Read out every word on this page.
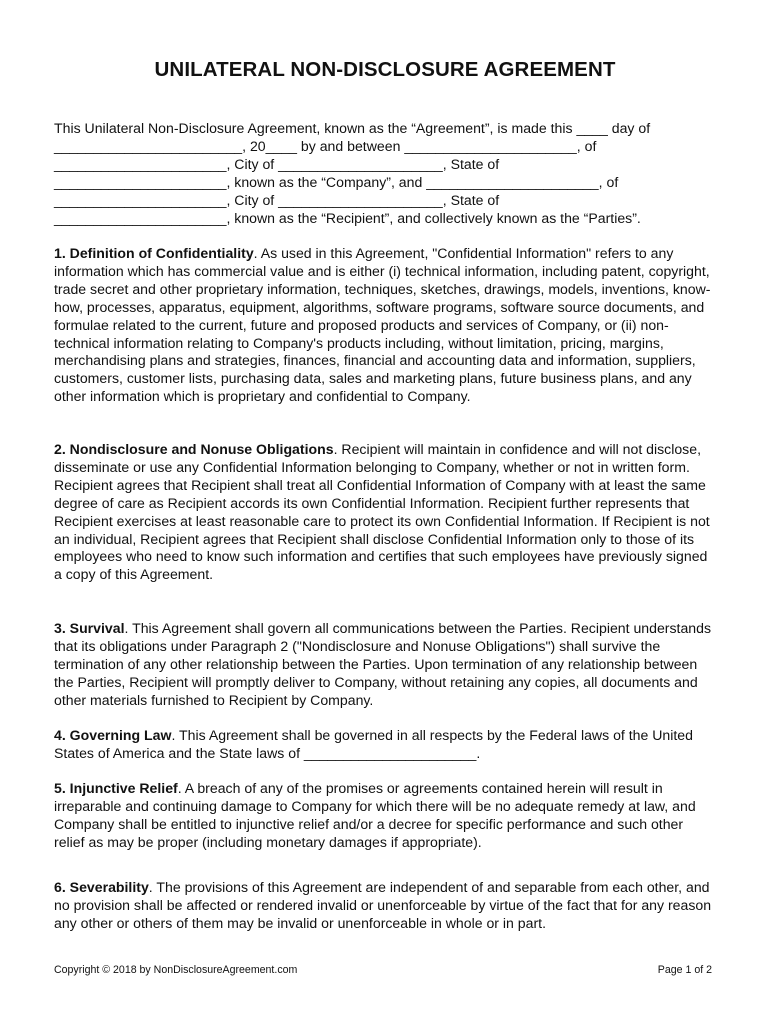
UNILATERAL NON-DISCLOSURE AGREEMENT
This Unilateral Non-Disclosure Agreement, known as the “Agreement”, is made this ____ day of
________________________, 20____ by and between ______________________, of
______________________, City of _____________________, State of
______________________, known as the “Company”, and ______________________, of
______________________, City of _____________________, State of
______________________, known as the “Recipient”, and collectively known as the “Parties”.
1. Definition of Confidentiality. As used in this Agreement, "Confidential Information" refers to any information which has commercial value and is either (i) technical information, including patent, copyright, trade secret and other proprietary information, techniques, sketches, drawings, models, inventions, know-how, processes, apparatus, equipment, algorithms, software programs, software source documents, and formulae related to the current, future and proposed products and services of Company, or (ii) non-technical information relating to Company's products including, without limitation, pricing, margins, merchandising plans and strategies, finances, financial and accounting data and information, suppliers, customers, customer lists, purchasing data, sales and marketing plans, future business plans, and any other information which is proprietary and confidential to Company.
2. Nondisclosure and Nonuse Obligations. Recipient will maintain in confidence and will not disclose, disseminate or use any Confidential Information belonging to Company, whether or not in written form. Recipient agrees that Recipient shall treat all Confidential Information of Company with at least the same degree of care as Recipient accords its own Confidential Information. Recipient further represents that Recipient exercises at least reasonable care to protect its own Confidential Information. If Recipient is not an individual, Recipient agrees that Recipient shall disclose Confidential Information only to those of its employees who need to know such information and certifies that such employees have previously signed a copy of this Agreement.
3. Survival. This Agreement shall govern all communications between the Parties. Recipient understands that its obligations under Paragraph 2 ("Nondisclosure and Nonuse Obligations") shall survive the termination of any other relationship between the Parties. Upon termination of any relationship between the Parties, Recipient will promptly deliver to Company, without retaining any copies, all documents and other materials furnished to Recipient by Company.
4. Governing Law. This Agreement shall be governed in all respects by the Federal laws of the United States of America and the State laws of ______________________.
5. Injunctive Relief. A breach of any of the promises or agreements contained herein will result in irreparable and continuing damage to Company for which there will be no adequate remedy at law, and Company shall be entitled to injunctive relief and/or a decree for specific performance and such other relief as may be proper (including monetary damages if appropriate).
6. Severability. The provisions of this Agreement are independent of and separable from each other, and no provision shall be affected or rendered invalid or unenforceable by virtue of the fact that for any reason any other or others of them may be invalid or unenforceable in whole or in part.
Copyright © 2018 by NonDisclosureAgreement.com	Page 1 of 2
